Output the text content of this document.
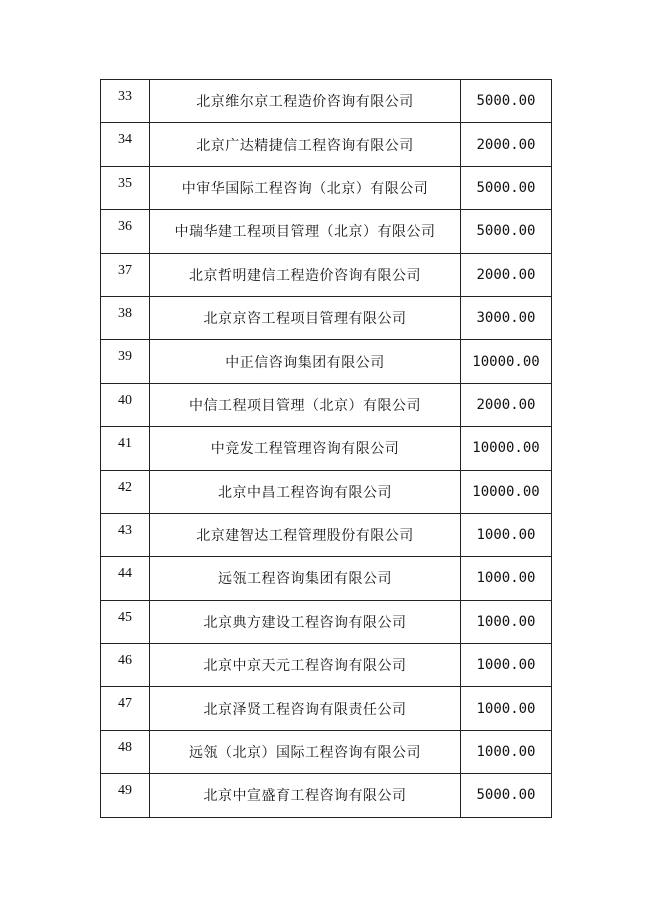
33	北京维尔京工程造价咨询有限公司	5000.00
34	北京广达精捷信工程咨询有限公司	2000.00
35	中审华国际工程咨询（北京）有限公司	5000.00
36	中瑞华建工程项目管理（北京）有限公司	5000.00
37	北京哲明建信工程造价咨询有限公司	2000.00
38	北京京咨工程项目管理有限公司	3000.00
39	中正信咨询集团有限公司	10000.00
40	中信工程项目管理（北京）有限公司	2000.00
41	中竞发工程管理咨询有限公司	10000.00
42	北京中昌工程咨询有限公司	10000.00
43	北京建智达工程管理股份有限公司	1000.00
44	远瓴工程咨询集团有限公司	1000.00
45	北京典方建设工程咨询有限公司	1000.00
46	北京中京天元工程咨询有限公司	1000.00
47	北京泽贤工程咨询有限责任公司	1000.00
48	远瓴（北京）国际工程咨询有限公司	1000.00
49	北京中宣盛育工程咨询有限公司	5000.00
